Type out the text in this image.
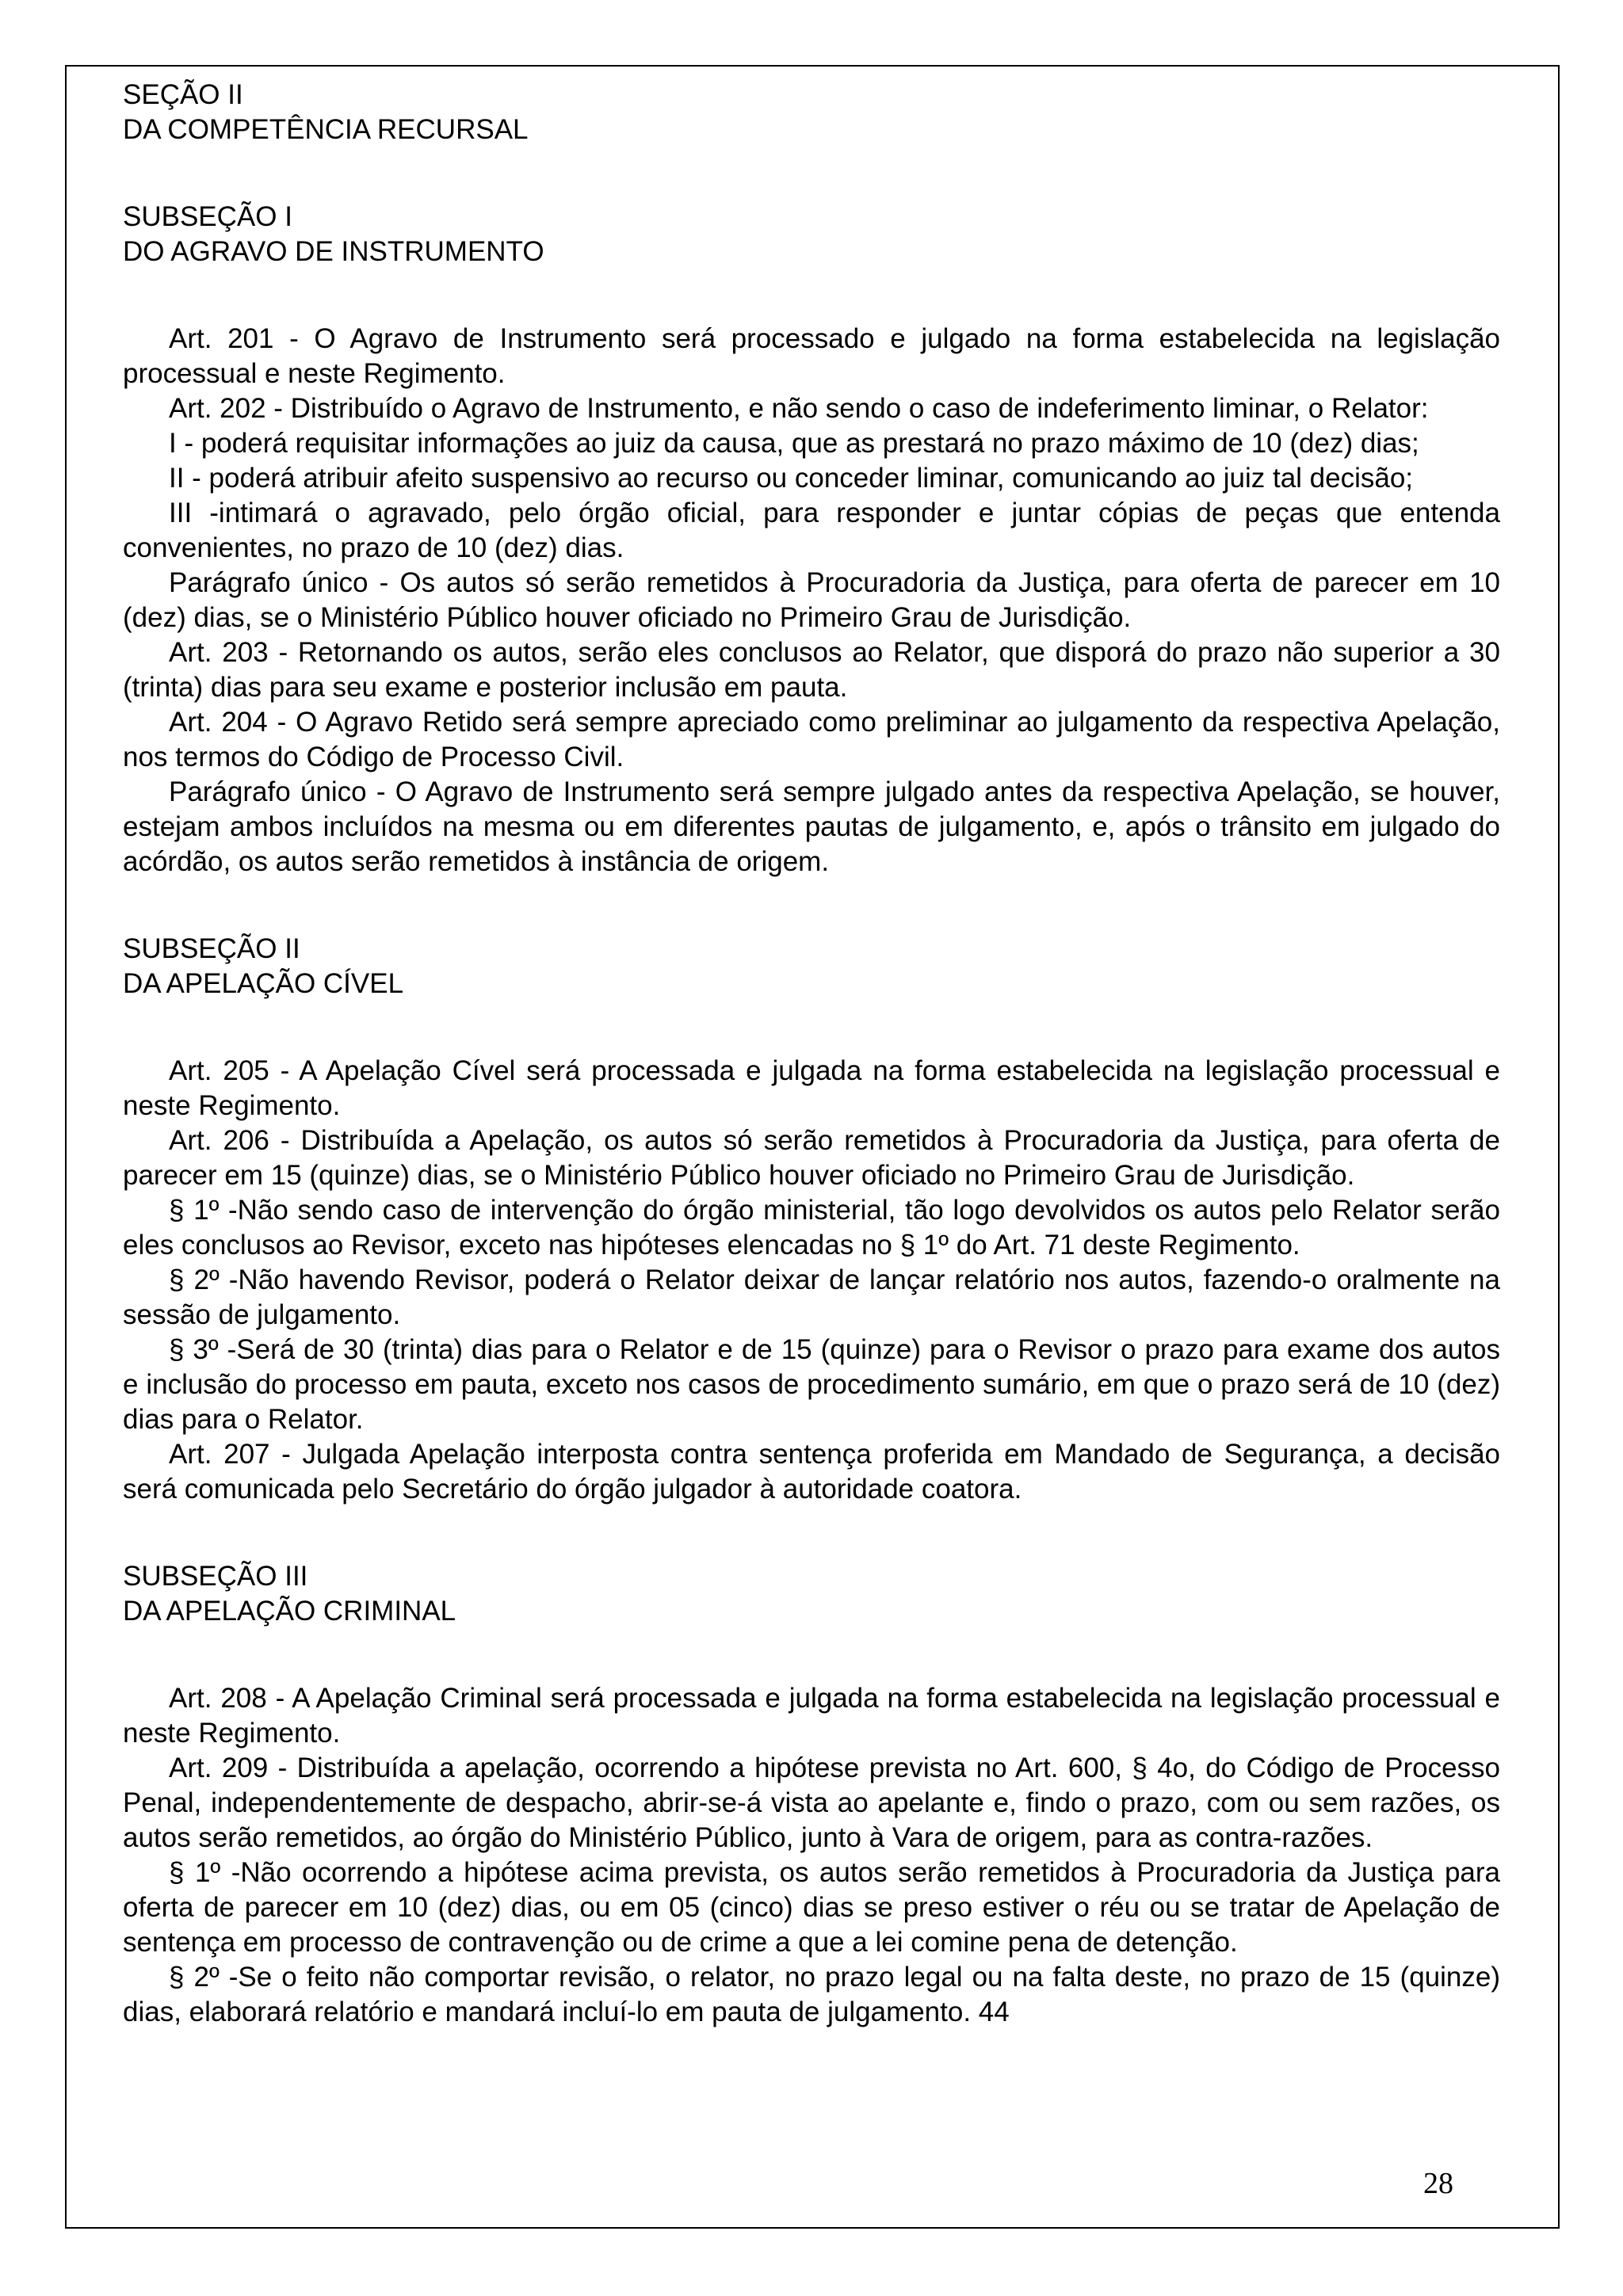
SEÇÃO II
DA COMPETÊNCIA RECURSAL
SUBSEÇÃO I
DO AGRAVO DE INSTRUMENTO

Art. 201 - O Agravo de Instrumento será processado e julgado na forma estabelecida na legislação processual e neste Regimento.

Art. 202 - Distribuído o Agravo de Instrumento, e não sendo o caso de indeferimento liminar, o Relator:

I - poderá requisitar informações ao juiz da causa, que as prestará no prazo máximo de 10 (dez) dias;

II - poderá atribuir afeito suspensivo ao recurso ou conceder liminar, comunicando ao juiz tal decisão;

III -intimará o agravado, pelo órgão oficial, para responder e juntar cópias de peças que entenda convenientes, no prazo de 10 (dez) dias.

Parágrafo único - Os autos só serão remetidos à Procuradoria da Justiça, para oferta de parecer em 10 (dez) dias, se o Ministério Público houver oficiado no Primeiro Grau de Jurisdição.

Art. 203 - Retornando os autos, serão eles conclusos ao Relator, que disporá do prazo não superior a 30 (trinta) dias para seu exame e posterior inclusão em pauta.

Art. 204 - O Agravo Retido será sempre apreciado como preliminar ao julgamento da respectiva Apelação, nos termos do Código de Processo Civil.

Parágrafo único - O Agravo de Instrumento será sempre julgado antes da respectiva Apelação, se houver, estejam ambos incluídos na mesma ou em diferentes pautas de julgamento, e, após o trânsito em julgado do acórdão, os autos serão remetidos à instância de origem.

SUBSEÇÃO II
DA APELAÇÃO CÍVEL

Art. 205 - A Apelação Cível será processada e julgada na forma estabelecida na legislação processual e neste Regimento.

Art. 206 - Distribuída a Apelação, os autos só serão remetidos à Procuradoria da Justiça, para oferta de parecer em 15 (quinze) dias, se o Ministério Público houver oficiado no Primeiro Grau de Jurisdição.

§ 1º -Não sendo caso de intervenção do órgão ministerial, tão logo devolvidos os autos pelo Relator serão eles conclusos ao Revisor, exceto nas hipóteses elencadas no § 1º do Art. 71 deste Regimento.

§ 2º -Não havendo Revisor, poderá o Relator deixar de lançar relatório nos autos, fazendo-o oralmente na sessão de julgamento.

§ 3º -Será de 30 (trinta) dias para o Relator e de 15 (quinze) para o Revisor o prazo para exame dos autos e inclusão do processo em pauta, exceto nos casos de procedimento sumário, em que o prazo será de 10 (dez) dias para o Relator.

Art. 207 - Julgada Apelação interposta contra sentença proferida em Mandado de Segurança, a decisão será comunicada pelo Secretário do órgão julgador à autoridade coatora.

SUBSEÇÃO III
DA APELAÇÃO CRIMINAL

Art. 208 - A Apelação Criminal será processada e julgada na forma estabelecida na legislação processual e neste Regimento.

Art. 209 - Distribuída a apelação, ocorrendo a hipótese prevista no Art. 600, § 4o, do Código de Processo Penal, independentemente de despacho, abrir-se-á vista ao apelante e, findo o prazo, com ou sem razões, os autos serão remetidos, ao órgão do Ministério Público, junto à Vara de origem, para as contra-razões.

§ 1º -Não ocorrendo a hipótese acima prevista, os autos serão remetidos à Procuradoria da Justiça para oferta de parecer em 10 (dez) dias, ou em 05 (cinco) dias se preso estiver o réu ou se tratar de Apelação de sentença em processo de contravenção ou de crime a que a lei comine pena de detenção.

§ 2º -Se o feito não comportar revisão, o relator, no prazo legal ou na falta deste, no prazo de 15 (quinze) dias, elaborará relatório e mandará incluí-lo em pauta de julgamento. 44

28
